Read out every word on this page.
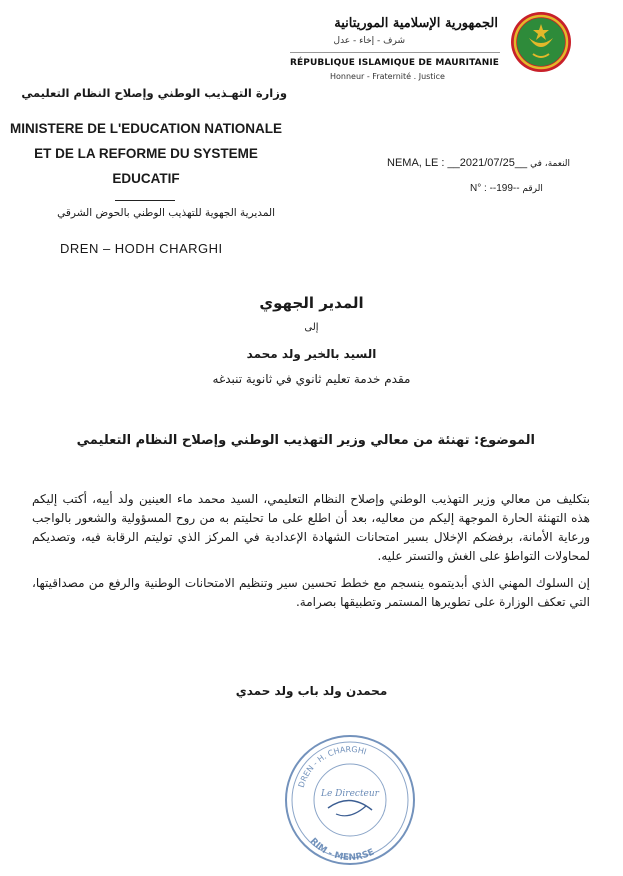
الجمهورية الإسلامية الموريتانية
شرف - إخاء - عدل
RÉPUBLIQUE ISLAMIQUE DE MAURITANIE
Honneur - Fraternité . Justice
وزارة التهـذيب الوطني وإصلاح النظام التعليمي
MINISTERE DE L'EDUCATION NATIONALE
ET DE LA REFORME DU SYSTEME
EDUCATIF
المديرية الجهوية للتهذيب الوطني بالحوض الشرقي
DREN – HODH CHARGHI
NEMA, LE : __2021/07/25__ النعمة، في
N° : --199-- الرقم
المدير الجهوي
إلى
السيد بالخير ولد محمد
مقدم خدمة تعليم ثانوي في ثانوية تنبدغه
الموضوع: تهنئة من معالي وزير التهذيب الوطني وإصلاح النظام التعليمي

بتكليف من معالي وزير التهذيب الوطني وإصلاح النظام التعليمي، السيد محمد ماء العينين ولد أييه، أكتب إليكم هذه التهنئة الحارة الموجهة إليكم من معاليه، بعد أن اطلع على ما تحليتم به من روح المسؤولية والشعور بالواجب ورعاية الأمانة، برفضكم الإخلال بسير امتحانات الشهادة الإعدادية في المركز الذي توليتم الرقابة فيه، وتصديكم لمحاولات التواطؤ على الغش والتستر عليه.

إن السلوك المهني الذي أبديتموه ينسجم مع خطط تحسين سير وتنظيم الامتحانات الوطنية والرفع من مصداقيتها، التي تعكف الوزارة على تطويرها المستمر وتطبيقها بصرامة.

محمدن ولد باب ولد حمدي
DREN - H. CHARGHI
RIM - MENRSE
Le Directeur
